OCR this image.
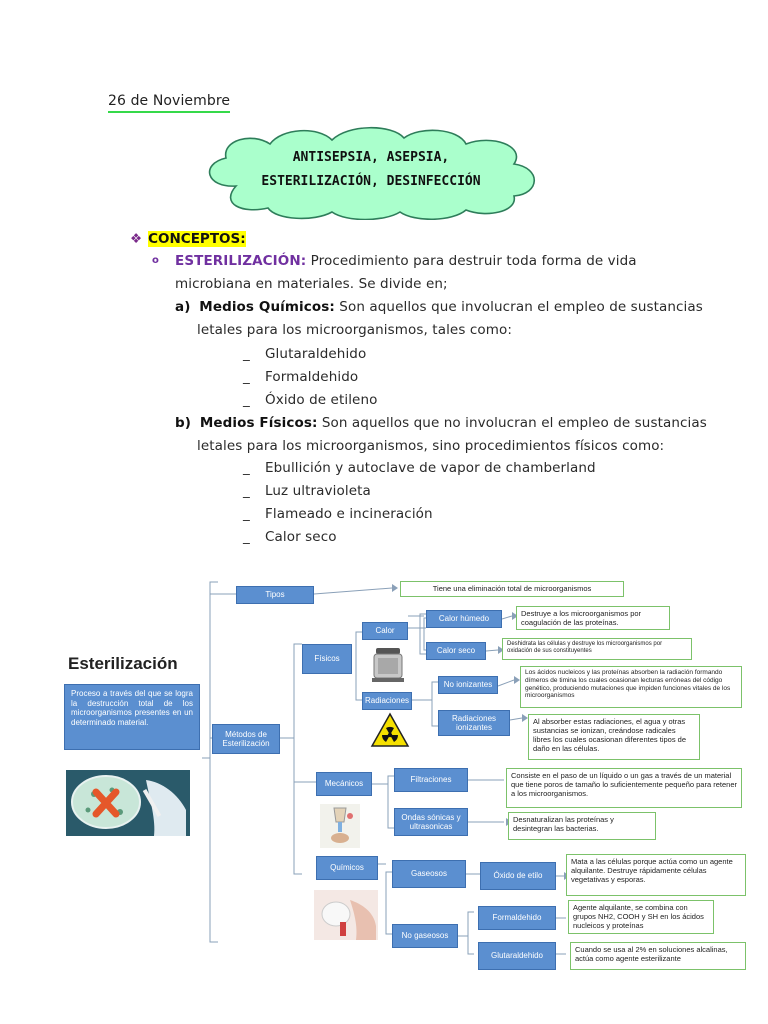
26 de Noviembre
ANTISEPSIA, ASEPSIA,
ESTERILIZACIÓN, DESINFECCIÓN
❖ CONCEPTOS:
o ESTERILIZACIÓN: Procedimiento para destruir toda forma de vida
microbiana en materiales. Se divide en;
a) Medios Químicos: Son aquellos que involucran el empleo de sustancias
letales para los microorganismos, tales como:
_ Glutaraldehido
_ Formaldehido
_ Óxido de etileno
b) Medios Físicos: Son aquellos que no involucran el empleo de sustancias
letales para los microorganismos, sino procedimientos físicos como:
_ Ebullición y autoclave de vapor de chamberland
_ Luz ultravioleta
_ Flameado e incineración
_ Calor seco
Esterilización
Proceso a través del que se logra la destrucción total de los microorganismos presentes en un determinado material.
Tipos
Tiene una eliminación total de microorganismos
Métodos de Esterilización
Físicos
Calor
Radiaciones
Calor húmedo
Destruye a los microorganismos por coagulación de las proteínas.
Calor seco
Deshidrata las células y destruye los microorganismos por oxidación de sus constituyentes
No ionizantes
Los ácidos nucleicos y las proteínas absorben la radiación formando dímeros de timina los cuales ocasionan lecturas erróneas del código genético, produciendo mutaciones que impiden funciones vitales de los microorganismos
Radiaciones ionizantes
Al absorber estas radiaciones, el agua y otras sustancias se ionizan, creándose radicales libres los cuales ocasionan diferentes tipos de daño en las células.
Mecánicos	Filtraciones	Consiste en el paso de un líquido o un gas a través de un material que tiene poros de tamaño lo suficientemente pequeño para retener a los microorganismos.
Ondas sónicas y ultrasonicas
Desnaturalizan las proteínas y desintegran las bacterias.
Químicos
Gaseosos	Óxido de etilo
Mata a las células porque actúa como un agente alquilante. Destruye rápidamente células vegetativas y esporas.
No gaseosos
Formaldehido
Agente alquilante, se combina con grupos NH2, COOH y SH en los ácidos nucleicos y proteínas
Glutaraldehido
Cuando se usa al 2% en soluciones alcalinas, actúa como agente esterilizante
